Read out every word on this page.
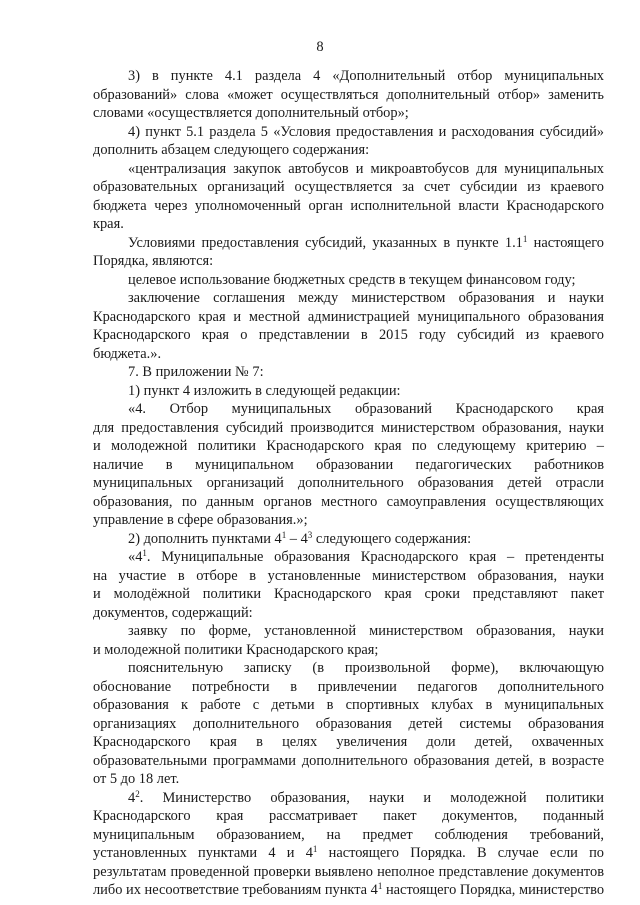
8
3) в пункте 4.1 раздела 4 «Дополнительный отбор муниципальных
образований» слова «может осуществляться дополнительный отбор» заменить
словами «осуществляется дополнительный отбор»;
4) пункт 5.1 раздела 5 «Условия предоставления и расходования субсидий»
дополнить абзацем следующего содержания:
«централизация закупок автобусов и микроавтобусов для муниципальных
образовательных организаций осуществляется за счет субсидии из краевого
бюджета через уполномоченный орган исполнительной власти Краснодарского
края.
Условиями предоставления субсидий, указанных в пункте $1.1^1$ настоящего
Порядка, являются:
целевое использование бюджетных средств в текущем финансовом году;
заключение соглашения между министерством образования и науки
Краснодарского края и местной администрацией муниципального образования
Краснодарского края о представлении в 2015 году субсидий из краевого
бюджета.».
7. В приложении № 7:
1) пункт 4 изложить в следующей редакции:
«4. Отбор муниципальных образований Краснодарского края
для предоставления субсидий производится министерством образования, науки
и молодежной политики Краснодарского края по следующему критерию –
наличие в муниципальном образовании педагогических работников
муниципальных организаций дополнительного образования детей отрасли
образования, по данным органов местного самоуправления осуществляющих
управление в сфере образования.»;
2) дополнить пунктами $4^1 - 4^3$ следующего содержания:
«$4^1$. Муниципальные образования Краснодарского края – претенденты
на участие в отборе в установленные министерством образования, науки
и молодёжной политики Краснодарского края сроки представляют пакет
документов, содержащий:
заявку по форме, установленной министерством образования, науки
и молодежной политики Краснодарского края;
пояснительную записку (в произвольной форме), включающую
обоснование потребности в привлечении педагогов дополнительного
образования к работе с детьми в спортивных клубах в муниципальных
организациях дополнительного образования детей системы образования
Краснодарского края в целях увеличения доли детей, охваченных
образовательными программами дополнительного образования детей, в возрасте
от 5 до 18 лет.
$4^2$. Министерство образования, науки и молодежной политики
Краснодарского края рассматривает пакет документов, поданный
муниципальным образованием, на предмет соблюдения требований,
установленных пунктами 4 и $4^1$ настоящего Порядка. В случае если по
результатам проведенной проверки выявлено неполное представление документов
либо их несоответствие требованиям пункта $4^1$ настоящего Порядка, министерство
